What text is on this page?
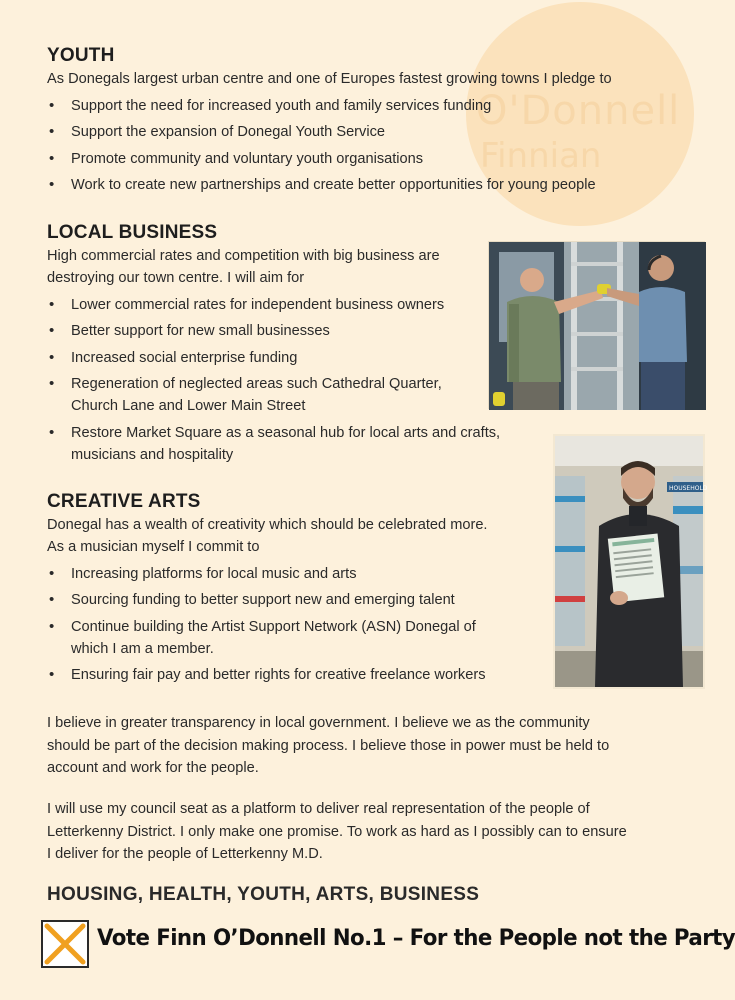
O'Donnell
Finnian
YOUTH
As Donegals largest urban centre and one of Europes fastest growing towns I pledge to
• Support the need for increased youth and family services funding
• Support the expansion of Donegal Youth Service
• Promote community and voluntary youth organisations
• Work to create new partnerships and create better opportunities for young people
LOCAL BUSINESS
High commercial rates and competition with big business are
destroying our town centre. I will aim for
• Lower commercial rates for independent business owners
• Better support for new small businesses
• Increased social enterprise funding
• Regeneration of neglected areas such Cathedral Quarter,
Church Lane and Lower Main Street
• Restore Market Square as a seasonal hub for local arts and crafts,
musicians and hospitality
CREATIVE ARTS
Donegal has a wealth of creativity which should be celebrated more.
As a musician myself I commit to
• Increasing platforms for local music and arts
• Sourcing funding to better support new and emerging talent
• Continue building the Artist Support Network (ASN) Donegal of
which I am a member.
• Ensuring fair pay and better rights for creative freelance workers
HOUSEHOLD
I believe in greater transparency in local government. I believe we as the community
should be part of the decision making process. I believe those in power must be held to
account and work for the people.
I will use my council seat as a platform to deliver real representation of the people of
Letterkenny District. I only make one promise. To work as hard as I possibly can to ensure
I deliver for the people of Letterkenny M.D.
HOUSING, HEALTH, YOUTH, ARTS, BUSINESS
Vote Finn O’Donnell No.1 – For the People not the Party
